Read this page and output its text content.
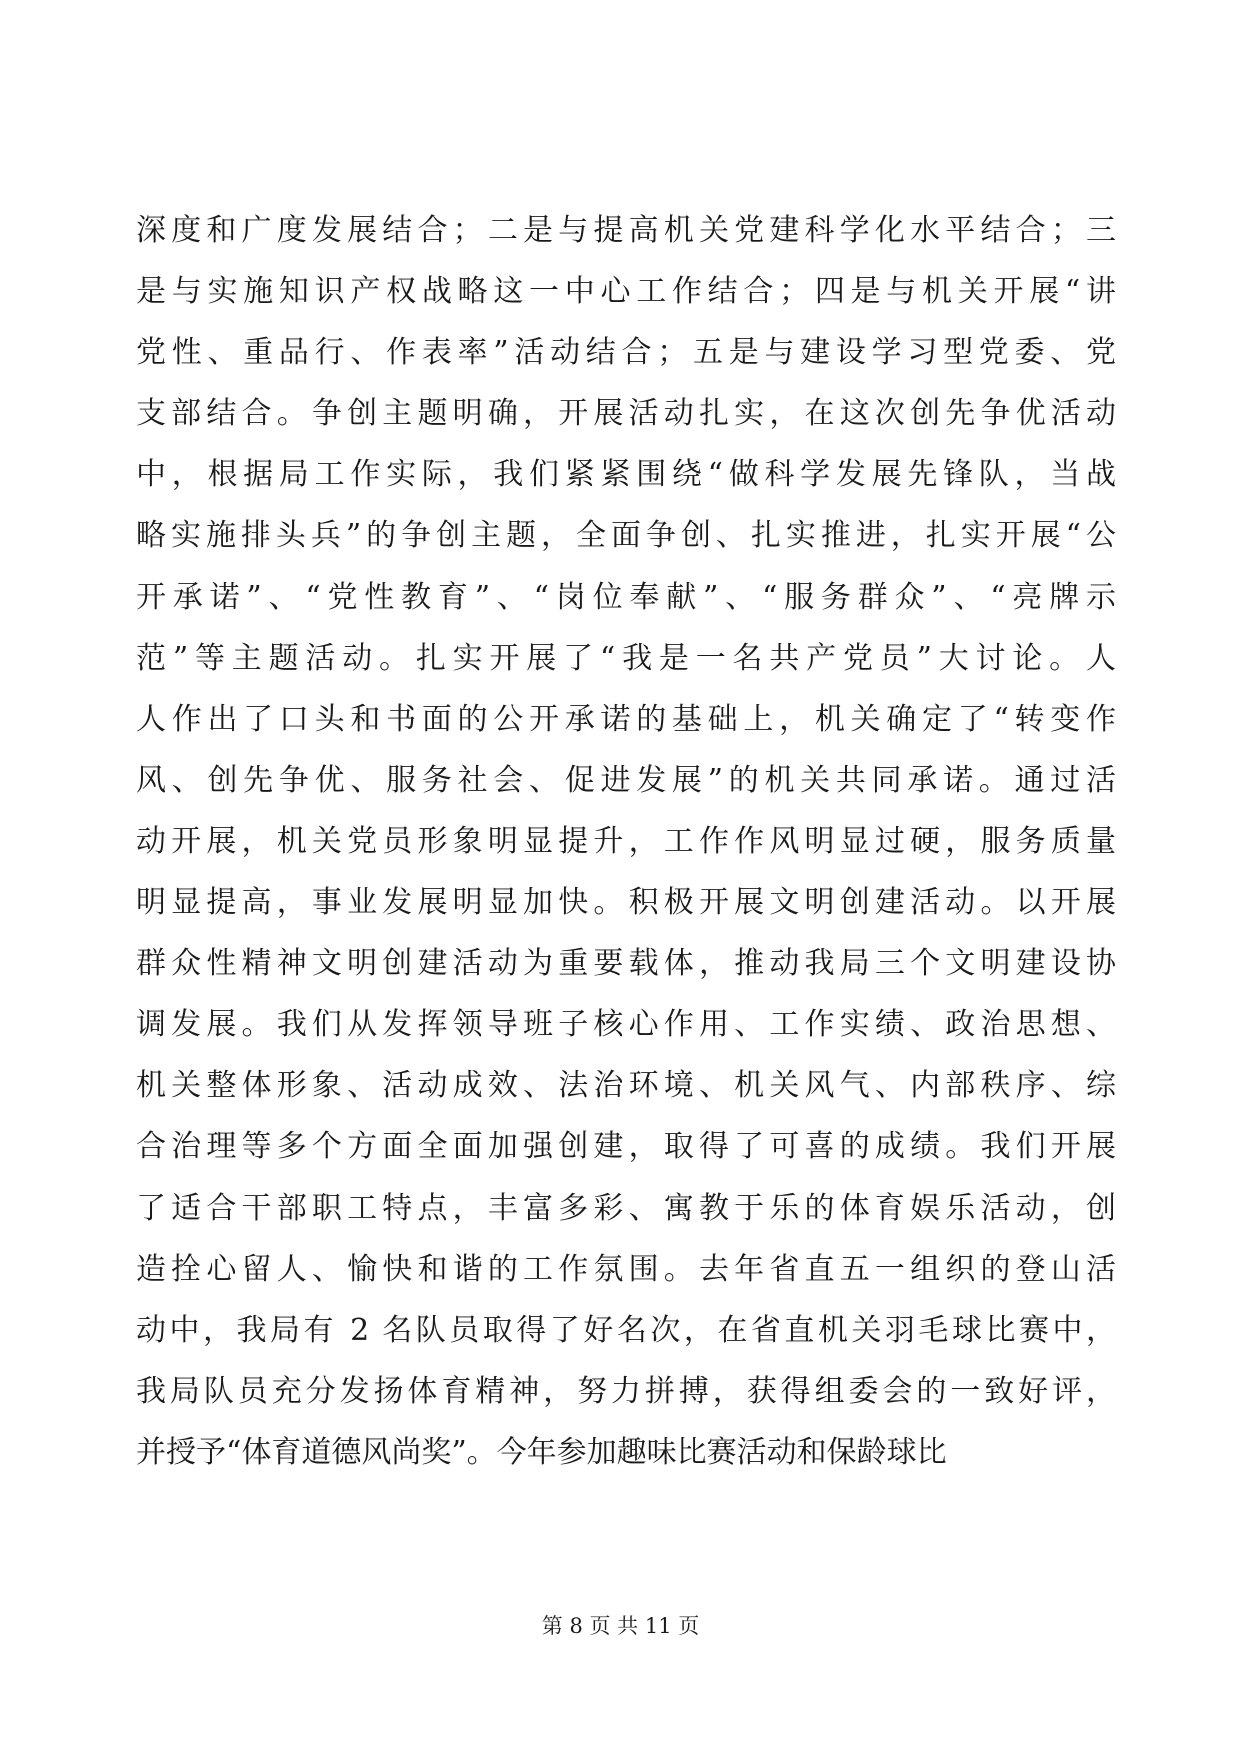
深度和广度发展结合；二是与提高机关党建科学化水平结合；三
是与实施知识产权战略这一中心工作结合；四是与机关开展“讲
党性、重品行、作表率”活动结合；五是与建设学习型党委、党
支部结合。争创主题明确，开展活动扎实，在这次创先争优活动
中，根据局工作实际，我们紧紧围绕“做科学发展先锋队，当战
略实施排头兵”的争创主题，全面争创、扎实推进，扎实开展“公
开承诺”、“党性教育”、“岗位奉献”、“服务群众”、“亮牌示
范”等主题活动。扎实开展了“我是一名共产党员”大讨论。人
人作出了口头和书面的公开承诺的基础上，机关确定了“转变作
风、创先争优、服务社会、促进发展”的机关共同承诺。通过活
动开展，机关党员形象明显提升，工作作风明显过硬，服务质量
明显提高，事业发展明显加快。积极开展文明创建活动。以开展
群众性精神文明创建活动为重要载体，推动我局三个文明建设协
调发展。我们从发挥领导班子核心作用、工作实绩、政治思想、
机关整体形象、活动成效、法治环境、机关风气、内部秩序、综
合治理等多个方面全面加强创建，取得了可喜的成绩。我们开展
了适合干部职工特点，丰富多彩、寓教于乐的体育娱乐活动，创
造拴心留人、愉快和谐的工作氛围。去年省直五一组织的登山活
动中，我局有 2 名队员取得了好名次，在省直机关羽毛球比赛中，
我局队员充分发扬体育精神，努力拼搏，获得组委会的一致好评，
并授予“体育道德风尚奖”。今年参加趣味比赛活动和保龄球比

第 8 页 共 11 页
